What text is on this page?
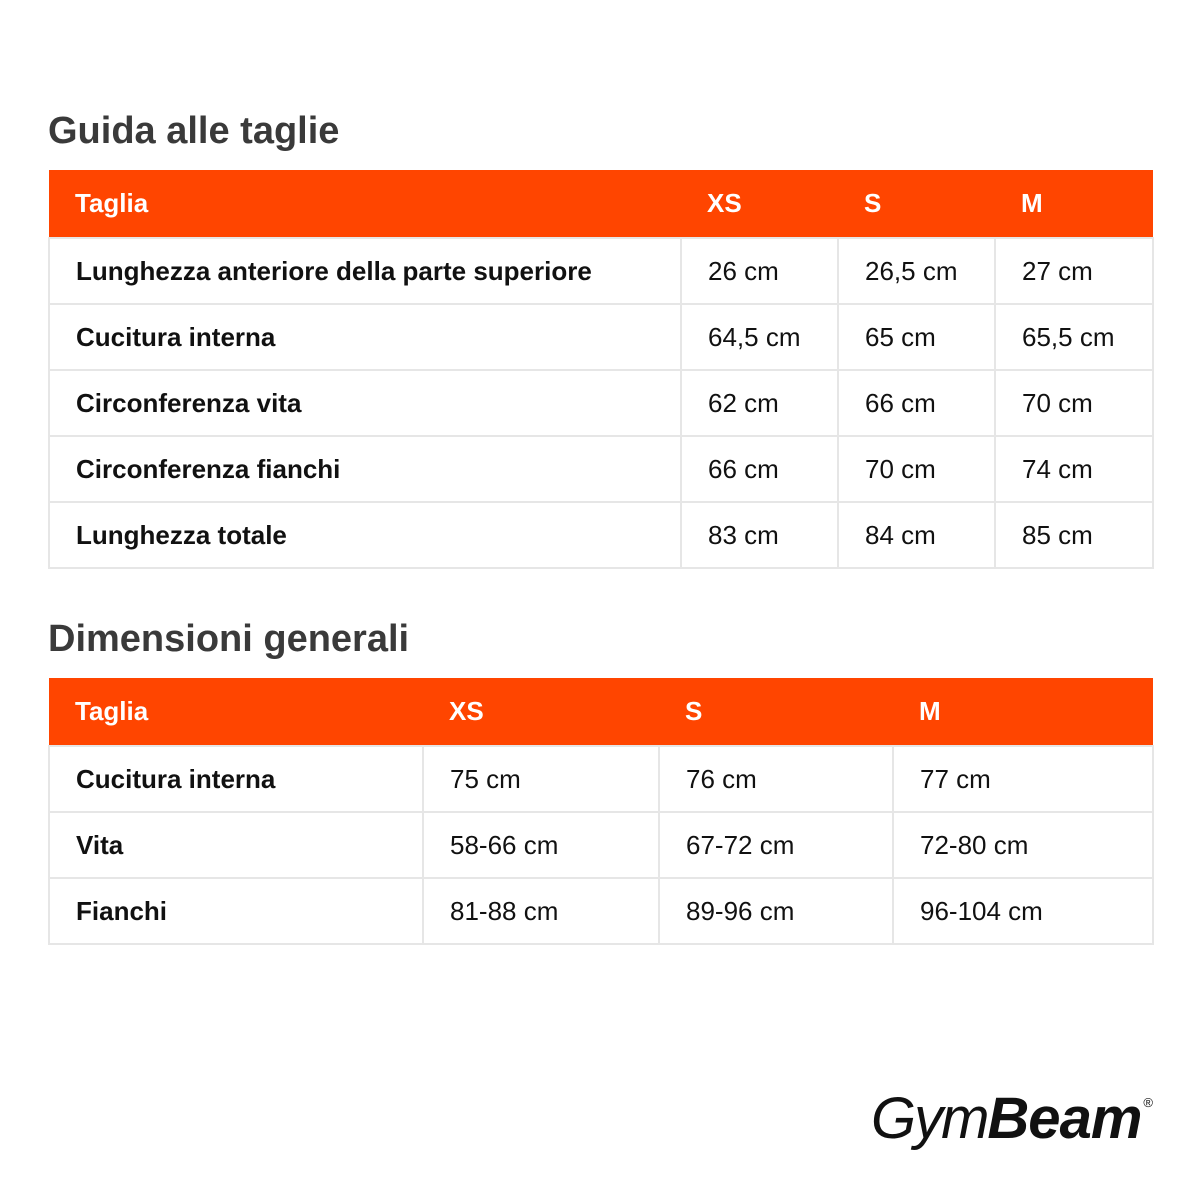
Guida alle taglie
Taglia	XS	S	M
Lunghezza anteriore della parte superiore	26 cm	26,5 cm	27 cm
Cucitura interna	64,5 cm	65 cm	65,5 cm
Circonferenza vita	62 cm	66 cm	70 cm
Circonferenza fianchi	66 cm	70 cm	74 cm
Lunghezza totale	83 cm	84 cm	85 cm
Dimensioni generali
Taglia	XS	S	M
Cucitura interna	75 cm	76 cm	77 cm
Vita	58-66 cm	67-72 cm	72-80 cm
Fianchi	81-88 cm	89-96 cm	96-104 cm
GymBeam ®
